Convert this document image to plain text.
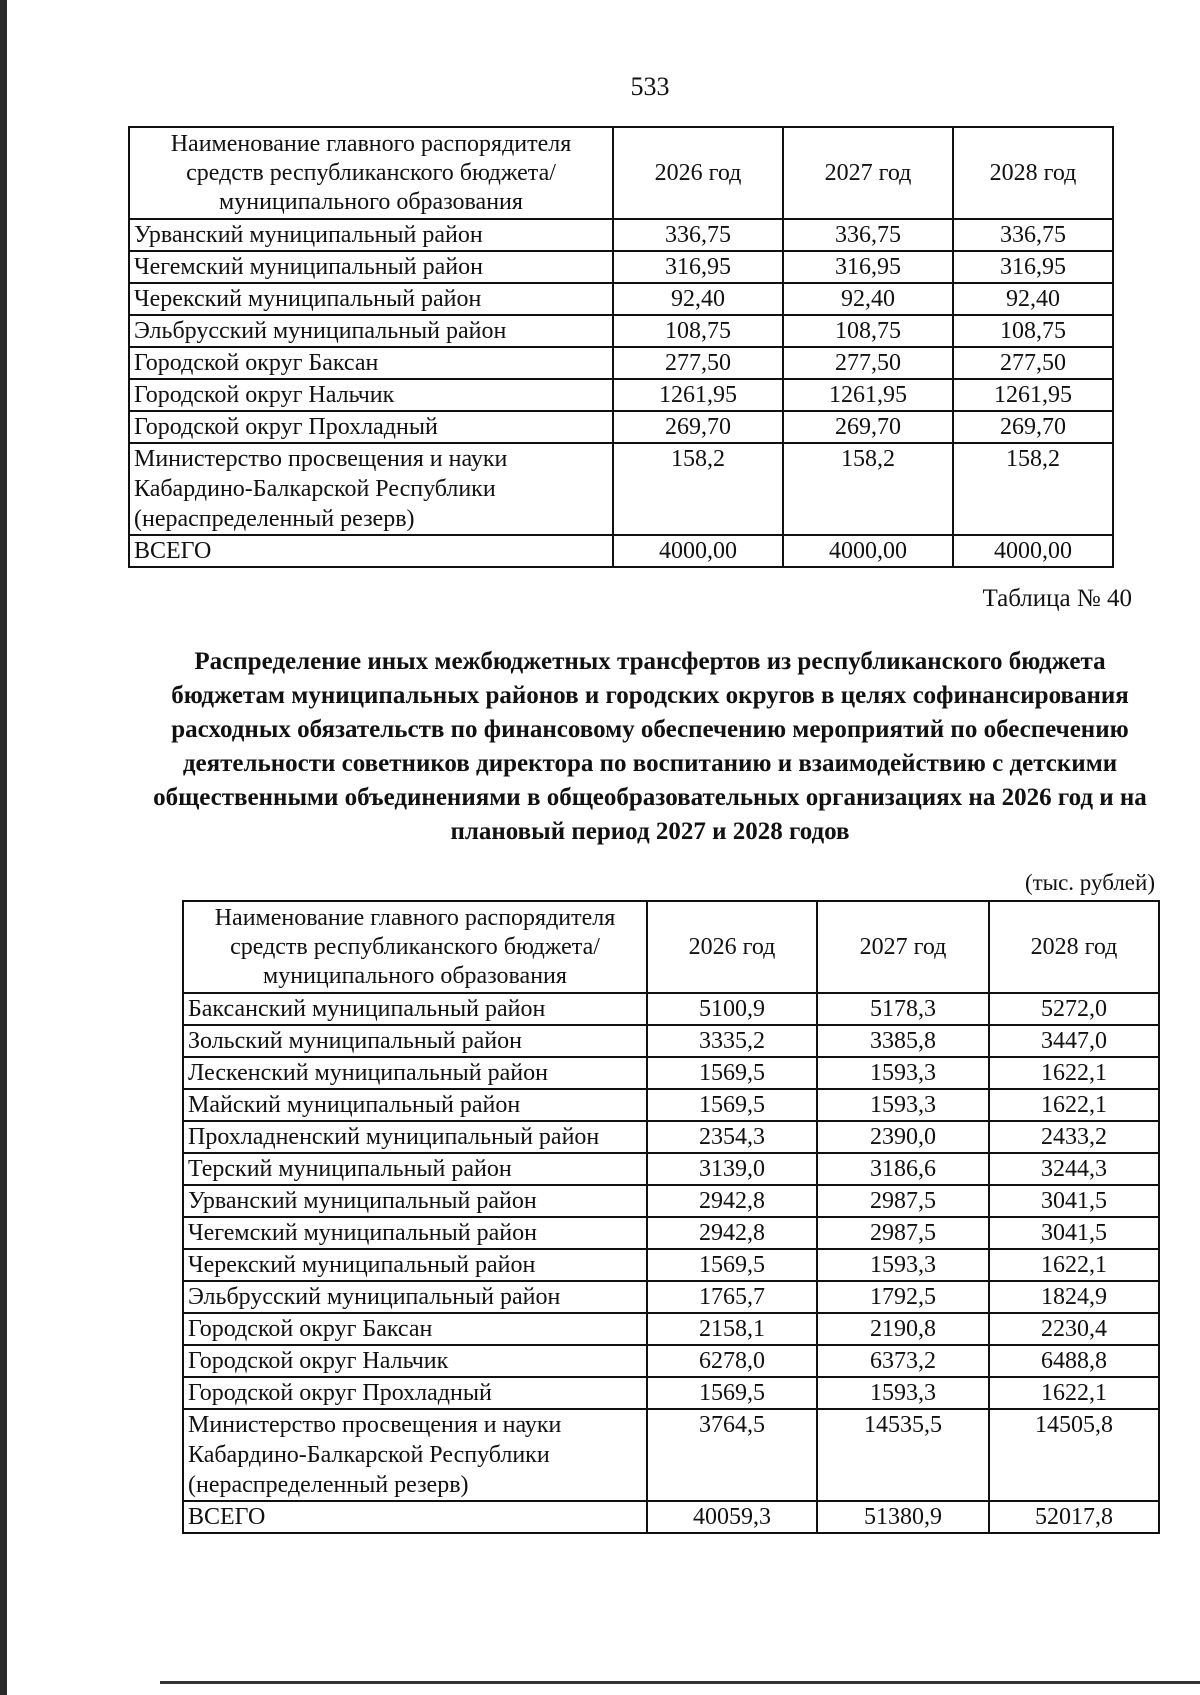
533
Наименование главного распорядителя средств республиканского бюджета/ муниципального образования	2026 год	2027 год	2028 год
Урванский муниципальный район	336,75	336,75	336,75
Чегемский муниципальный район	316,95	316,95	316,95
Черекский муниципальный район	92,40	92,40	92,40
Эльбрусский муниципальный район	108,75	108,75	108,75
Городской округ Баксан	277,50	277,50	277,50
Городской округ Нальчик	1261,95	1261,95	1261,95
Городской округ Прохладный	269,70	269,70	269,70
Министерство просвещения и науки Кабардино-Балкарской Республики (нераспределенный резерв)	158,2	158,2	158,2
ВСЕГО	4000,00	4000,00	4000,00
Таблица № 40
Распределение иных межбюджетных трансфертов из республиканского бюджета бюджетам муниципальных районов и городских округов в целях софинансирования расходных обязательств по финансовому обеспечению мероприятий по обеспечению деятельности советников директора по воспитанию и взаимодействию с детскими общественными объединениями в общеобразовательных организациях на 2026 год и на плановый период 2027 и 2028 годов
(тыс. рублей)
Наименование главного распорядителя средств республиканского бюджета/ муниципального образования	2026 год	2027 год	2028 год
Баксанский муниципальный район	5100,9	5178,3	5272,0
Зольский муниципальный район	3335,2	3385,8	3447,0
Лескенский муниципальный район	1569,5	1593,3	1622,1
Майский муниципальный район	1569,5	1593,3	1622,1
Прохладненский муниципальный район	2354,3	2390,0	2433,2
Терский муниципальный район	3139,0	3186,6	3244,3
Урванский муниципальный район	2942,8	2987,5	3041,5
Чегемский муниципальный район	2942,8	2987,5	3041,5
Черекский муниципальный район	1569,5	1593,3	1622,1
Эльбрусский муниципальный район	1765,7	1792,5	1824,9
Городской округ Баксан	2158,1	2190,8	2230,4
Городской округ Нальчик	6278,0	6373,2	6488,8
Городской округ Прохладный	1569,5	1593,3	1622,1
Министерство просвещения и науки Кабардино-Балкарской Республики (нераспределенный резерв)	3764,5	14535,5	14505,8
ВСЕГО	40059,3	51380,9	52017,8
